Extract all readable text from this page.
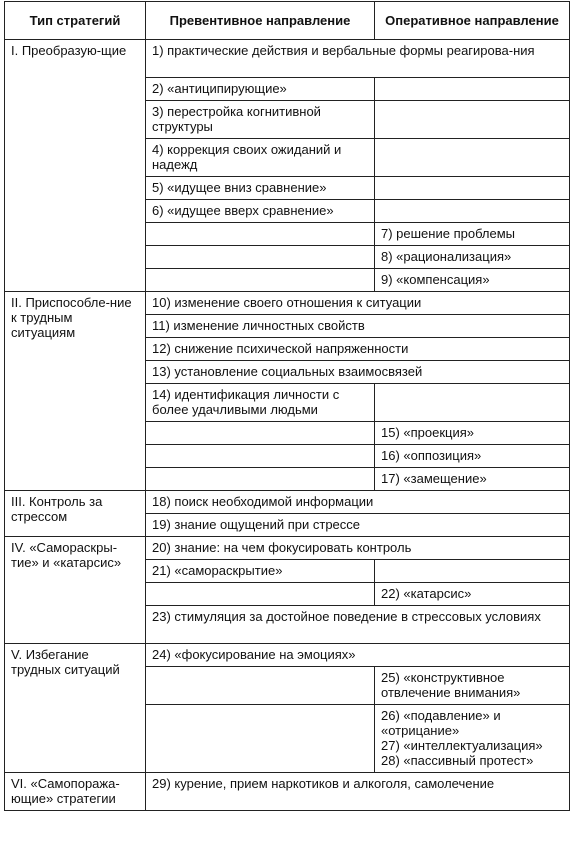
Тип стратегий	Превентивное направление	Оперативное направление
I. Преобразую-щие	1) практические действия и вербальные формы реагирова-ния	
	2) «антиципирующие»	
	3) перестройка когнитивной структуры	
	4) коррекция своих ожиданий и надежд	
	5) «идущее вниз сравнение»	
	6) «идущее вверх сравнение»	
		7) решение проблемы
		8) «рационализация»
		9) «компенсация»
II. Приспособле-ние к трудным ситуациям	10) изменение своего отношения к ситуации	
	11) изменение личностных свойств	
	12) снижение психической напряженности	
	13) установление социальных взаимосвязей	
	14) идентификация личности с более удачливыми людьми	
		15) «проекция»
		16) «оппозиция»
		17) «замещение»
III. Контроль за стрессом	18) поиск необходимой информации	
	19) знание ощущений при стрессе	
IV. «Самораскры-тие» и «катарсис»	20) знание: на чем фокусировать контроль	
	21) «самораскрытие»	
		22) «катарсис»
	23) стимуляция за достойное поведение в стрессовых условиях	
V. Избегание трудных ситуаций	24) «фокусирование на эмоциях»	
		25) «конструктивное отвлечение внимания»
		26) «подавление» и «отрицание»
27) «интеллектуализация»
28) «пассивный протест»
VI. «Самопоража-ющие» стратегии	29) курение, прием наркотиков и алкоголя, самолечение	
